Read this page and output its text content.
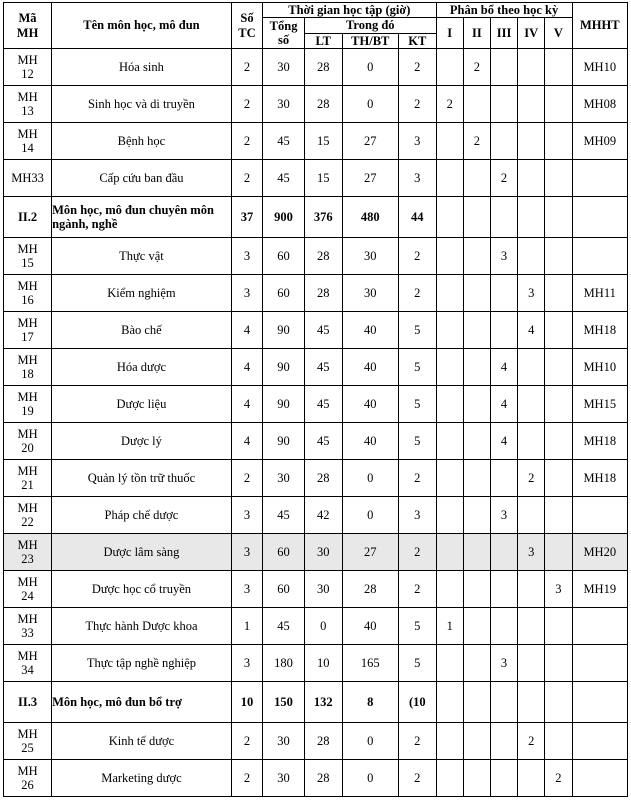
Mã
MH	Tên môn học, mô đun	Số
TC	Thời gian học tập (giờ)				Phân bổ theo học kỳ					MHHT

			Tổng
số	Trong đó			I	II	III	IV	V	
				LT	TH/BT	KT						

MH
12	Hóa sinh	2	30	28	0	2		2				MH10

MH
13	Sinh học và di truyền	2	30	28	0	2	2					MH08

MH
14	Bệnh học	2	45	15	27	3		2				MH09

MH33	Cấp cứu ban đầu	2	45	15	27	3			2			

II.2	Môn học, mô đun chuyên môn ngành, nghề	37	900	376	480	44						

MH
15	Thực vật	3	60	28	30	2			3			

MH
16	Kiểm nghiệm	3	60	28	30	2				3		MH11

MH
17	Bào chế	4	90	45	40	5				4		MH18

MH
18	Hóa dược	4	90	45	40	5			4			MH10

MH
19	Dược liệu	4	90	45	40	5			4			MH15

MH
20	Dược lý	4	90	45	40	5			4			MH18

MH
21	Quản lý tồn trữ thuốc	2	30	28	0	2				2		MH18

MH
22	Pháp chế dược	3	45	42	0	3			3			

MH
23	Dược lâm sàng	3	60	30	27	2				3		MH20

MH
24	Dược học cổ truyền	3	60	30	28	2					3	MH19

MH
33	Thực hành Dược khoa	1	45	0	40	5	1					

MH
34	Thực tập nghề nghiệp	3	180	10	165	5			3			

II.3	Môn học, mô đun bổ trợ	10	150	132	8	(10						

MH
25	Kinh tế dược	2	30	28	0	2				2		

MH
26	Marketing dược	2	30	28	0	2					2	
